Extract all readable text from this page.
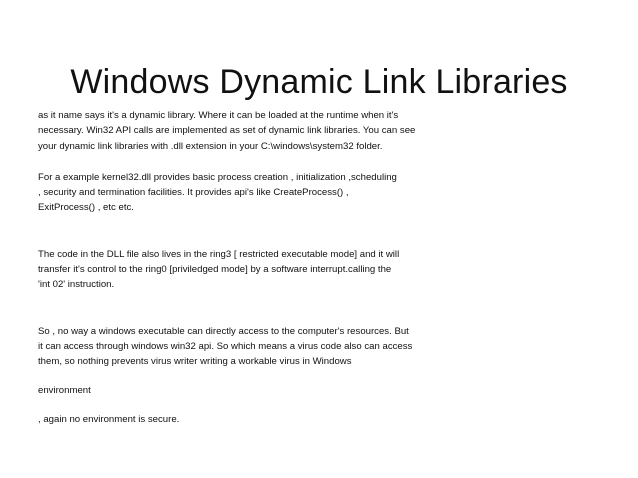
Windows Dynamic Link Libraries

as it name says it's a dynamic library. Where it can be loaded at the runtime when it's
necessary. Win32 API calls are implemented as set of dynamic link libraries. You can see
your dynamic link libraries with .dll extension in your C:\windows\system32 folder.

For a example kernel32.dll provides basic process creation , initialization ,scheduling
, security and termination facilities. It provides api's like CreateProcess() ,
ExitProcess() , etc etc.

The code in the DLL file also lives in the ring3 [ restricted executable mode] and it will
transfer it's control to the ring0 [priviledged mode] by a software interrupt.calling the
'int 02' instruction.

So , no way a windows executable can directly access to the computer's resources. But
it can access through windows win32 api. So which means a virus code also can access
them, so nothing prevents virus writer writing a workable virus in Windows

environment

, again no environment is secure.
